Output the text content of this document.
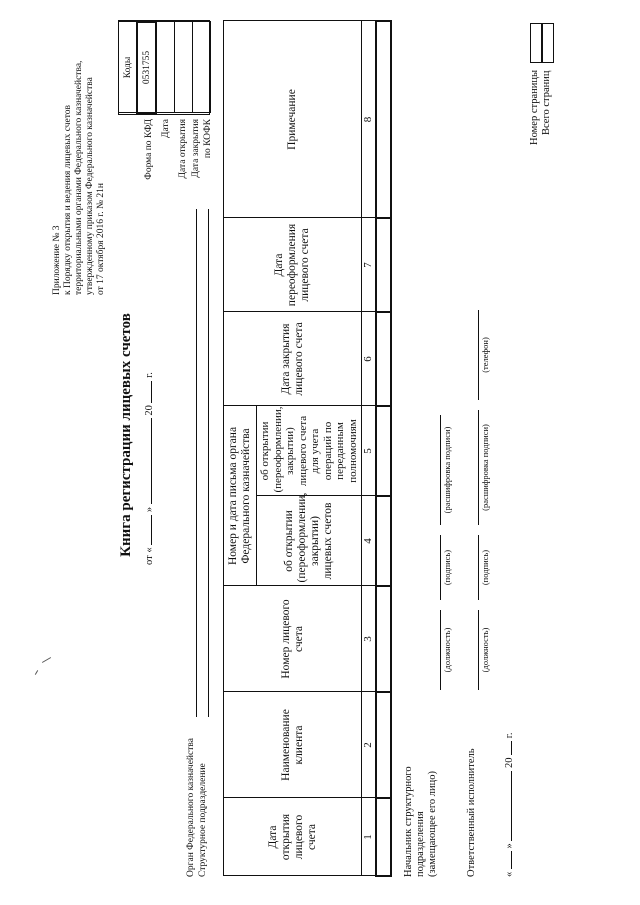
Приложение № 3 к Порядку открытия и ведения лицевых счетов территориальными органами Федерального казначейства, утвержденному приказом Федерального казначейства от 17 октября 2016 г. № 21н
Форма по КФД Дата Дата открытия Дата закрытия по КОФК
Коды
0531755

Книга регистрации лицевых счетов от «  »  20  г.
Орган Федерального казначейства Структурное подразделение	Дата открытия лицевого счета	Наименование клиента	Номер лицевого счета	Номер и дата письма органа Федерального казначейства		Дата закрытия лицевого счета	Дата переоформления лицевого счета	Примечание
			об открытии (переоформлении, закрытии) лицевых счетов	об открытии (переоформлении, закрытии) лицевого счета для учета операций по переданным полномочиям			
1	2	3	4	5	6	7	8

Начальник структурного подразделения (замещающее его лицо)
(должность)
(подпись)
(расшифровка подписи)
Ответственный исполнитель
(должность)
(подпись)
(расшифровка подписи)
(телефон)
«  »  20  г.
Номер страницы Всего страниц
